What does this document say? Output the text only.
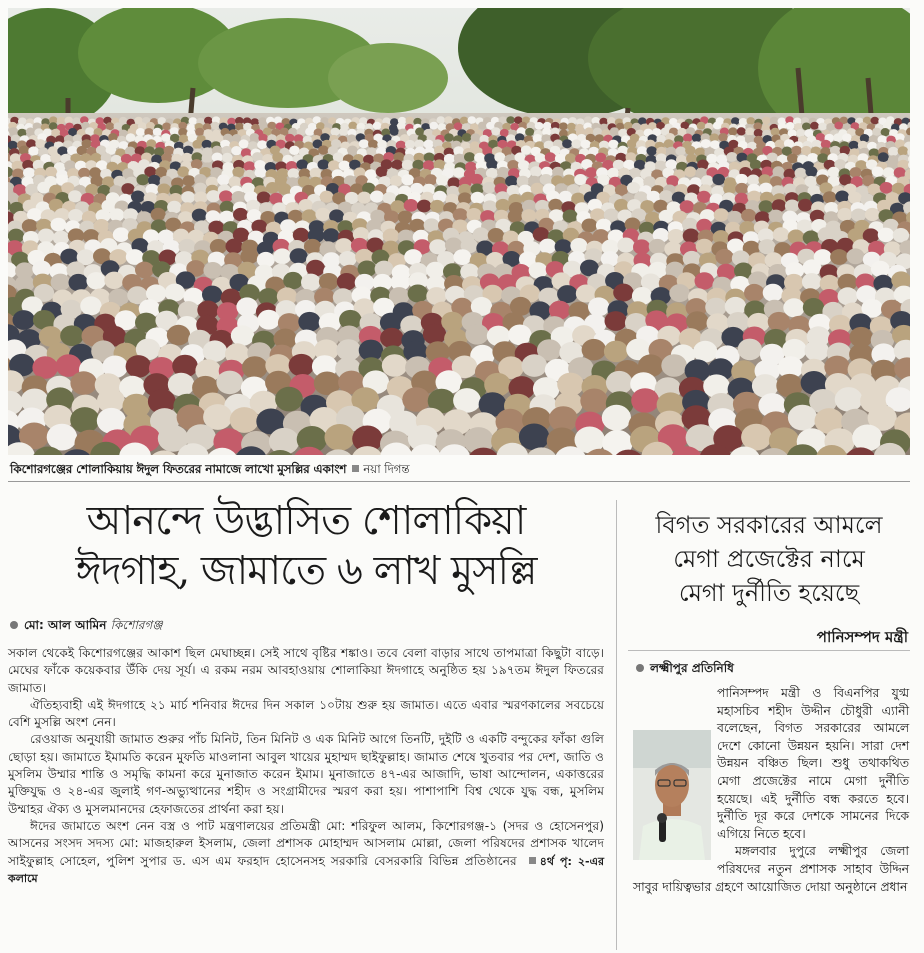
কিশোরগঞ্জের শোলাকিয়ায় ঈদুল ফিতরের নামাজে লাখো মুসল্লির একাংশ নয়া দিগন্ত
আনন্দে উদ্ভাসিত শোলাকিয়া
ঈদগাহ, জামাতে ৬ লাখ মুসল্লি
মো: আল আমিন কিশোরগঞ্জ

সকাল থেকেই কিশোরগঞ্জের আকাশ ছিল মেঘাচ্ছন্ন। সেই সাথে বৃষ্টির শঙ্কাও। তবে বেলা বাড়ার সাথে তাপমাত্রা কিছুটা বাড়ে। মেঘের ফাঁকে কয়েকবার উঁকি দেয় সূর্য। এ রকম নরম আবহাওয়ায় শোলাকিয়া ঈদগাহে অনুষ্ঠিত হয় ১৯৭তম ঈদুল ফিতরের জামাত।

ঐতিহ্যবাহী এই ঈদগাহে ২১ মার্চ শনিবার ঈদের দিন সকাল ১০টায় শুরু হয় জামাত। এতে এবার স্মরণকালের সবচেয়ে বেশি মুসল্লি অংশ নেন।

রেওয়াজ অনুযায়ী জামাত শুরুর পাঁচ মিনিট, তিন মিনিট ও এক মিনিট আগে তিনটি, দুইটি ও একটি বন্দুকের ফাঁকা গুলি ছোড়া হয়। জামাতে ইমামতি করেন মুফতি মাওলানা আবুল খায়ের মুহাম্মদ ছাইফুল্লাহ। জামাত শেষে খুতবার পর দেশ, জাতি ও মুসলিম উম্মার শান্তি ও সমৃদ্ধি কামনা করে মুনাজাত করেন ইমাম। মুনাজাতে ৪৭-এর আজাদি, ভাষা আন্দোলন, একাত্তরের মুক্তিযুদ্ধ ও ২৪-এর জুলাই গণ-অভ্যুত্থানের শহীদ ও সংগ্রামীদের স্মরণ করা হয়। পাশাপাশি বিশ্ব থেকে যুদ্ধ বন্ধ, মুসলিম উম্মাহর ঐক্য ও মুসলমানদের হেফাজতের প্রার্থনা করা হয়।

ঈদের জামাতে অংশ নেন বস্ত্র ও পাট মন্ত্রণালয়ের প্রতিমন্ত্রী মো: শরিফুল আলম, কিশোরগঞ্জ-১ (সদর ও হোসেনপুর) আসনের সংসদ সদস্য মো: মাজহারুল ইসলাম, জেলা প্রশাসক মোহাম্মদ আসলাম মোল্লা, জেলা পরিষদের প্রশাসক খালেদ সাইফুল্লাহ সোহেল, পুলিশ সুপার ড. এস এম ফরহাদ হোসেনসহ সরকারি বেসরকারি বিভিন্ন প্রতিষ্ঠানের ৪র্থ পৃ: ২-এর কলামে

বিগত সরকারের আমলে
মেগা প্রজেক্টের নামে
মেগা দুর্নীতি হয়েছে
পানিসম্পদ মন্ত্রী
লক্ষ্মীপুর প্রতিনিধি

পানিসম্পদ মন্ত্রী ও বিএনপির যুগ্ম মহাসচিব শহীদ উদ্দীন চৌধুরী এ্যানী বলেছেন, বিগত সরকারের আমলে দেশে কোনো উন্নয়ন হয়নি। সারা দেশ উন্নয়ন বঞ্চিত ছিল। শুধু তথাকথিত মেগা প্রজেক্টের নামে মেগা দুর্নীতি হয়েছে। এই দুর্নীতি বন্ধ করতে হবে। দুর্নীতি দূর করে দেশকে সামনের দিকে এগিয়ে নিতে হবে।

মঙ্গলবার দুপুরে লক্ষ্মীপুর জেলা পরিষদের নতুন প্রশাসক সাহাব উদ্দিন সাবুর দায়িত্বভার গ্রহণে আয়োজিত দোয়া অনুষ্ঠানে প্রধান
